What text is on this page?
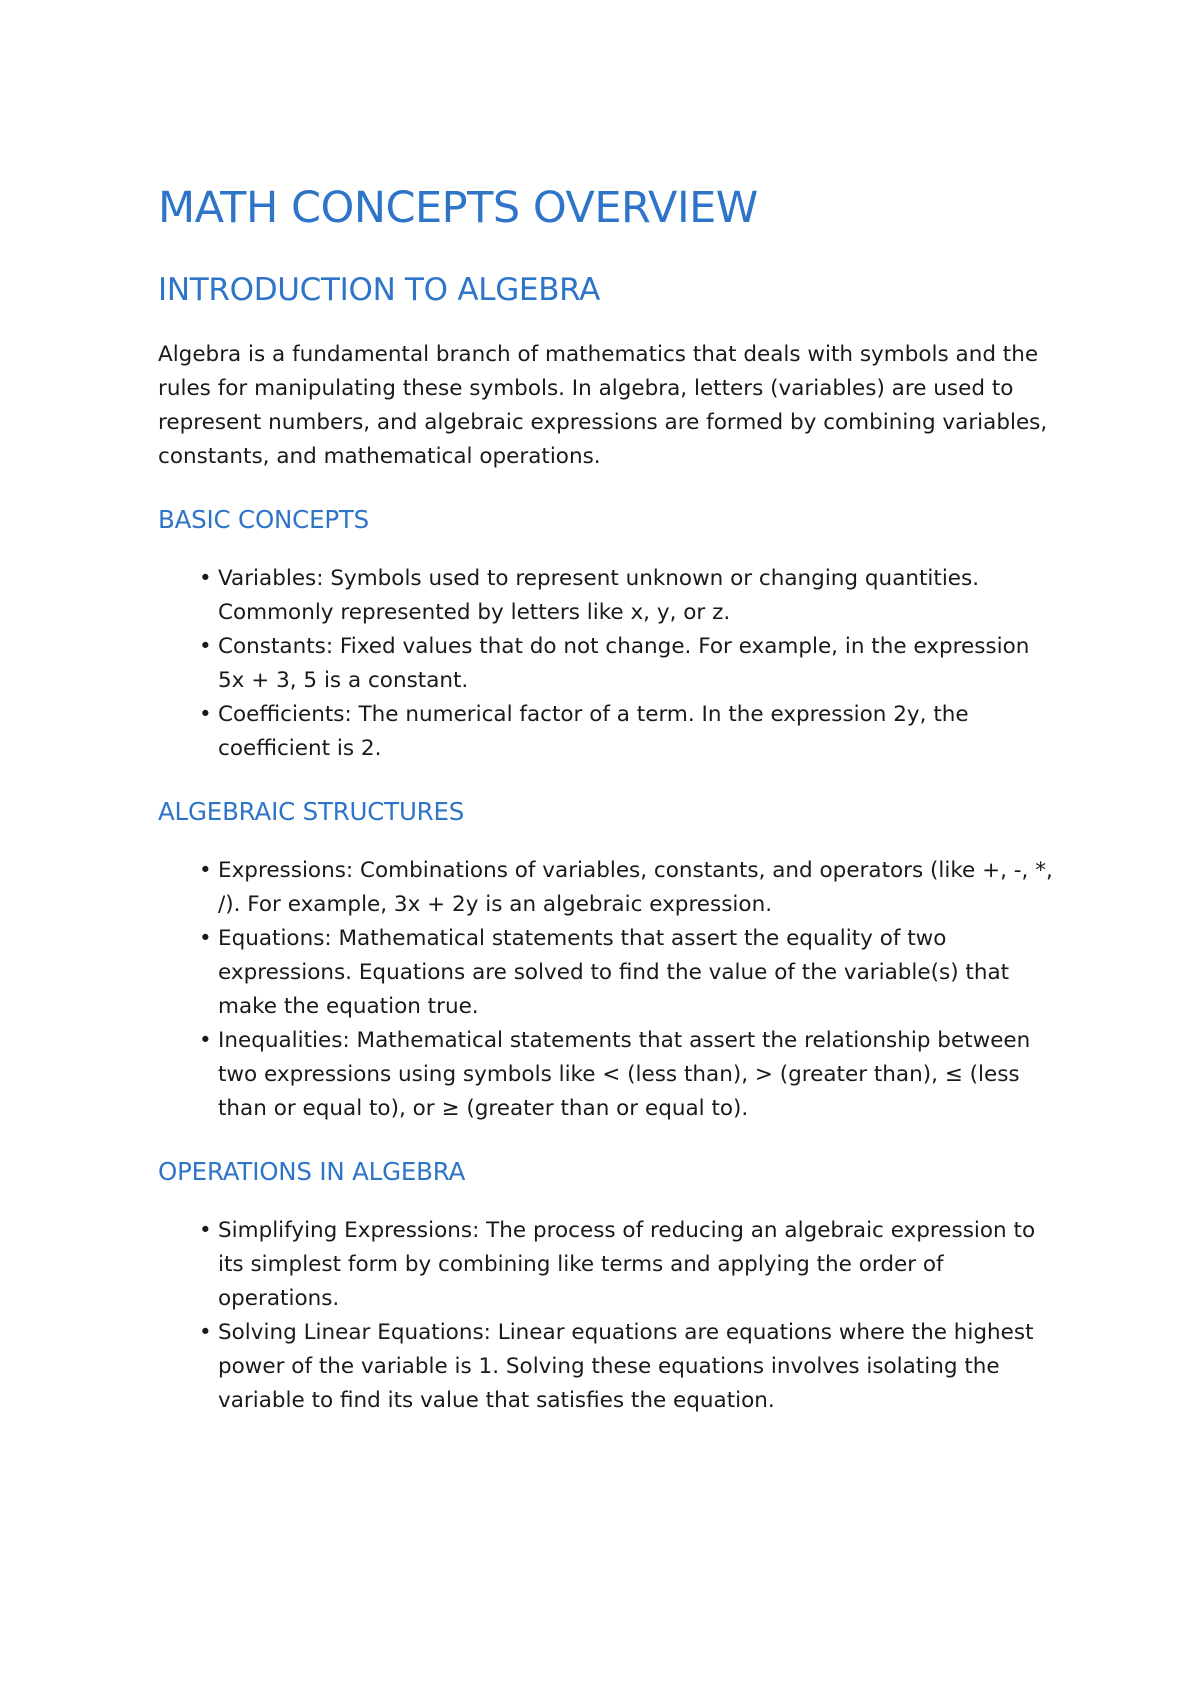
MATH CONCEPTS OVERVIEW
INTRODUCTION TO ALGEBRA

Algebra is a fundamental branch of mathematics that deals with symbols and the rules for manipulating these symbols. In algebra, letters (variables) are used to represent numbers, and algebraic expressions are formed by combining variables, constants, and mathematical operations.

BASIC CONCEPTS
• Variables: Symbols used to represent unknown or changing quantities. Commonly represented by letters like x, y, or z.
• Constants: Fixed values that do not change. For example, in the expression 5x + 3, 5 is a constant.
• Coefficients: The numerical factor of a term. In the expression 2y, the coefficient is 2.
ALGEBRAIC STRUCTURES
• Expressions: Combinations of variables, constants, and operators (like +, -, *, /). For example, 3x + 2y is an algebraic expression.
• Equations: Mathematical statements that assert the equality of two expressions. Equations are solved to find the value of the variable(s) that make the equation true.
• Inequalities: Mathematical statements that assert the relationship between two expressions using symbols like < (less than), > (greater than), ≤ (less than or equal to), or ≥ (greater than or equal to).
OPERATIONS IN ALGEBRA
• Simplifying Expressions: The process of reducing an algebraic expression to its simplest form by combining like terms and applying the order of operations.
• Solving Linear Equations: Linear equations are equations where the highest power of the variable is 1. Solving these equations involves isolating the variable to find its value that satisfies the equation.
